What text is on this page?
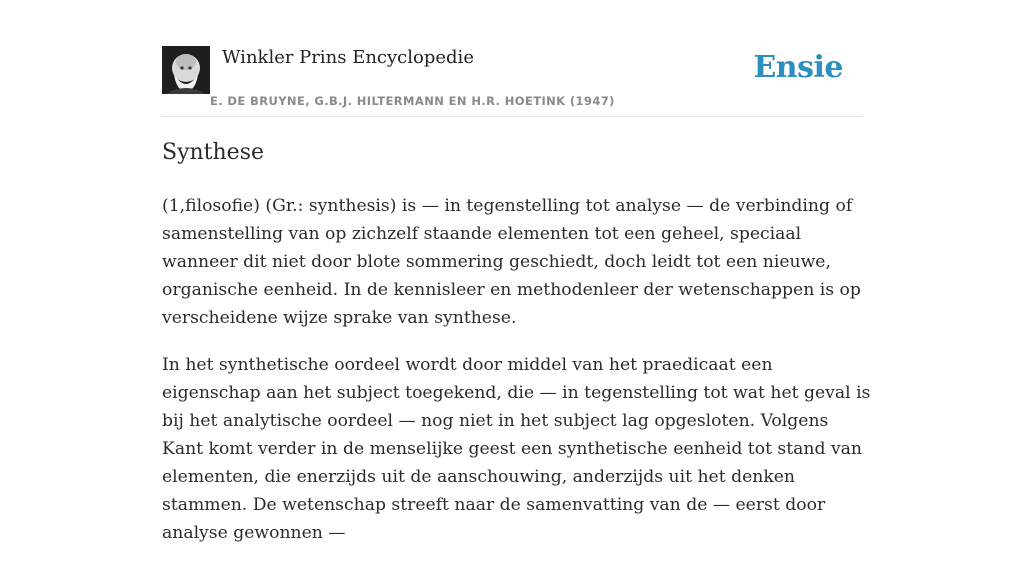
Winkler Prins Encyclopedie
E. DE BRUYNE, G.B.J. HILTERMANN EN H.R. HOETINK (1947)
Ensie
Synthese

(1,filosofie) (Gr.: synthesis) is — in tegenstelling tot analyse — de verbinding of samenstelling van op zichzelf staande elementen tot een geheel, speciaal wanneer dit niet door blote sommering geschiedt, doch leidt tot een nieuwe, organische eenheid. In de kennisleer en methodenleer der wetenschappen is op verscheidene wijze sprake van synthese.

In het synthetische oordeel wordt door middel van het praedicaat een eigenschap aan het subject toegekend, die — in tegenstelling tot wat het geval is bij het analytische oordeel — nog niet in het subject lag opgesloten. Volgens Kant komt verder in de menselijke geest een synthetische eenheid tot stand van elementen, die enerzijds uit de aanschouwing, anderzijds uit het denken stammen. De wetenschap streeft naar de samenvatting van de — eerst door analyse gewonnen —
